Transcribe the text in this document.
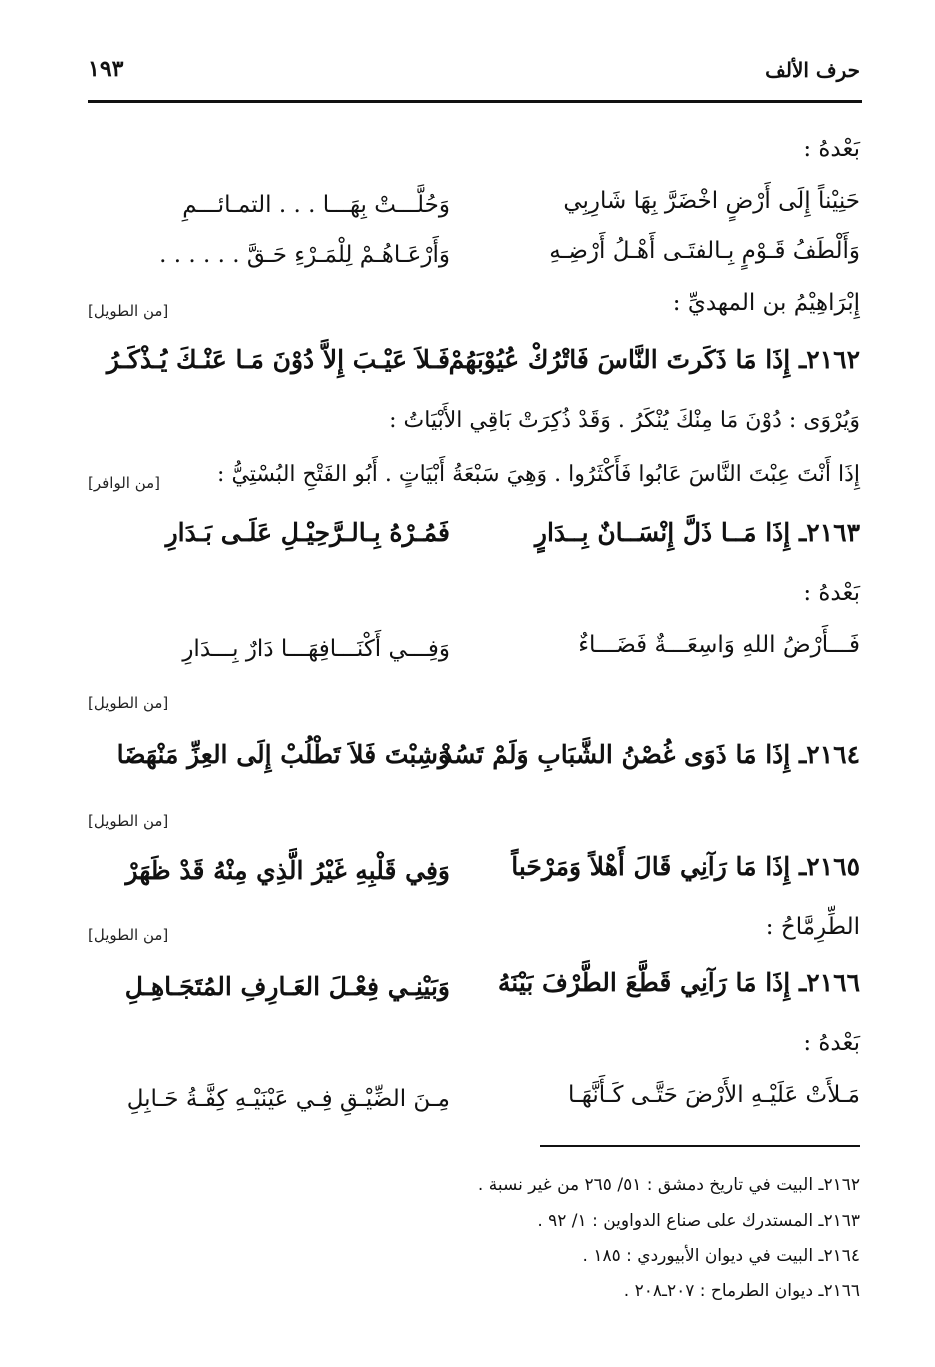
حرف الألف
١٩٣
بَعْدهُ :
حَنِيْناً إِلَى أَرْضٍ اخْضَرَّ بِهَا شَارِبِي
وَحُلَّـــتْ بِهَـــا . . . التمـائـــمِ
وَأَلْطَفُ قَـوْمٍ بِـالفتَـى أَهْـلُ أَرْضِـهِ
وَأَرْعَـاهُـمْ لِلْمَـرْءِ حَـقَّ . . . . . .
إِبْرَاهِيْمُ بن المهديِّ :
[من الطويل]
٢١٦٢ـ إِذَا مَا ذَكَرتَ النَّاسَ فَاتْرُكْ عُيُوْبَهُمْ
فَـلاَ عَيْـبَ إِلاَّ دُوْنَ مَـا عَنْـكَ يُـذْكَـرُ
وَيُرْوَى : دُوْنَ مَا مِنْكَ يُنْكَرُ . وَقَدْ ذُكِرَتْ بَاقِي الأَبْيَاتُ :
إِذَا أَنْتَ عِبْتَ النَّاسَ عَابُوا فَأَكْثَرُوا . وَهِيَ سَبْعَةُ أَبْيَاتٍ . أَبُو الفَتْحِ البُسْتِيُّ :
[من الوافر]
٢١٦٣ـ إِذَا مَــا ذَلَّ إِنْسَــانٌ بِــدَارٍ
فَمُـرْهُ بِـالـرَّحِيْـلِ عَلَـى بَـدَارِ
بَعْدهُ :
فَـــأَرْضُ اللهِ وَاسِعَـــةٌ فَضَـــاءٌ
وَفِـــي أَكْنَـــافِهَـــا دَارٌ بِـــدَارِ
[من الطويل]
٢١٦٤ـ إِذَا مَا ذَوَى غُصْنُ الشَّبَابِ وَلَمْ تَسُدْ
وَشِبْتَ فَلاَ تَطْلُبْ إِلَى العِزِّ مَنْهَضَا
[من الطويل]
٢١٦٥ـ إِذَا مَا رَآنِي قَالَ أَهْلاً وَمَرْحَباً
وَفِي قَلْبِهِ غَيْرُ الَّذِي مِنْهُ قَدْ ظَهَرْ
الطِّرِمَّاحُ :
[من الطويل]
٢١٦٦ـ إِذَا مَا رَآنِي قَطَّعَ الطَّرْفَ بَيْنَهُ
وَبَيْنِـي فِعْـلَ العَـارِفِ المُتَجَـاهِـلِ
بَعْدهُ :
مَـلأَتْ عَلَيْـهِ الأَرْضَ حَتَّـى كَـأَنَّهَـا
مِـنَ الضِّيْـقِ فِـي عَيْنَيْـهِ كِفَّـةُ حَـابِلِ
٢١٦٢ـ البيت في تاريخ دمشق : ٥١/ ٢٦٥ من غير نسبة .
٢١٦٣ـ المستدرك على صناع الدواوين : ١/ ٩٢ .
٢١٦٤ـ البيت في ديوان الأبيوردي : ١٨٥ .
٢١٦٦ـ ديوان الطرماح : ٢٠٧ـ٢٠٨ .
